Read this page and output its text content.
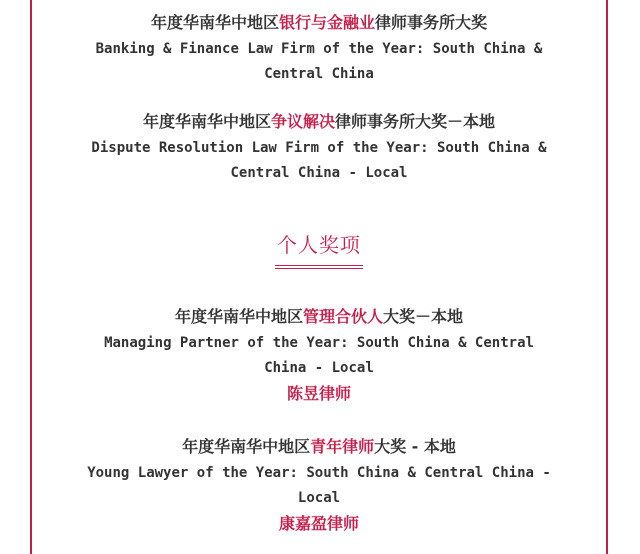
年度华南华中地区银行与金融业律师事务所大奖
Banking & Finance Law Firm of the Year: South China &
Central China
年度华南华中地区争议解决律师事务所大奖－本地
Dispute Resolution Law Firm of the Year: South China &
Central China - Local
个人奖项
年度华南华中地区管理合伙人大奖－本地
Managing Partner of the Year: South China & Central
China - Local
陈昱律师
年度华南华中地区青年律师大奖 - 本地
Young Lawyer of the Year: South China & Central China -
Local
康嘉盈律师
